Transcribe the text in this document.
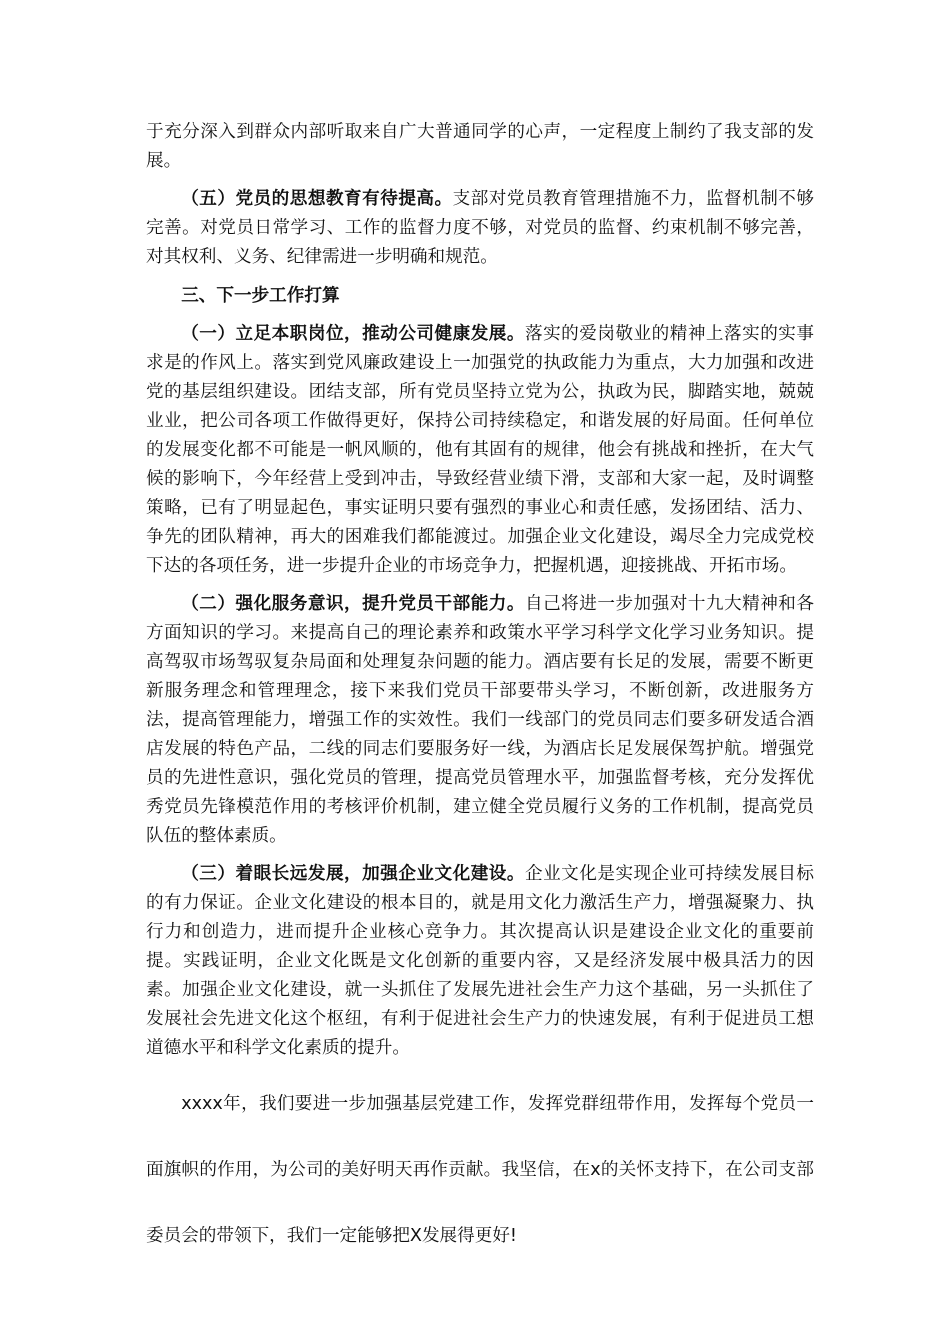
于充分深入到群众内部听取来自广大普通同学的心声，一定程度上制约了我支部的发展。

（五）党员的思想教育有待提高。支部对党员教育管理措施不力，监督机制不够完善。对党员日常学习、工作的监督力度不够，对党员的监督、约束机制不够完善，对其权利、义务、纪律需进一步明确和规范。

三、下一步工作打算

（一）立足本职岗位，推动公司健康发展。落实的爱岗敬业的精神上落实的实事求是的作风上。落实到党风廉政建设上一加强党的执政能力为重点，大力加强和改进党的基层组织建设。团结支部，所有党员坚持立党为公，执政为民，脚踏实地，兢兢业业，把公司各项工作做得更好，保持公司持续稳定，和谐发展的好局面。任何单位的发展变化都不可能是一帆风顺的，他有其固有的规律，他会有挑战和挫折，在大气候的影响下，今年经营上受到冲击，导致经营业绩下滑，支部和大家一起，及时调整策略，已有了明显起色，事实证明只要有强烈的事业心和责任感，发扬团结、活力、争先的团队精神，再大的困难我们都能渡过。加强企业文化建设，竭尽全力完成党校下达的各项任务，进一步提升企业的市场竞争力，把握机遇，迎接挑战、开拓市场。

（二）强化服务意识，提升党员干部能力。自己将进一步加强对十九大精神和各方面知识的学习。来提高自己的理论素养和政策水平学习科学文化学习业务知识。提高驾驭市场驾驭复杂局面和处理复杂问题的能力。酒店要有长足的发展，需要不断更新服务理念和管理理念，接下来我们党员干部要带头学习，不断创新，改进服务方法，提高管理能力，增强工作的实效性。我们一线部门的党员同志们要多研发适合酒店发展的特色产品，二线的同志们要服务好一线，为酒店长足发展保驾护航。增强党员的先进性意识，强化党员的管理，提高党员管理水平，加强监督考核，充分发挥优秀党员先锋模范作用的考核评价机制，建立健全党员履行义务的工作机制，提高党员队伍的整体素质。

（三）着眼长远发展，加强企业文化建设。企业文化是实现企业可持续发展目标的有力保证。企业文化建设的根本目的，就是用文化力激活生产力，增强凝聚力、执行力和创造力，进而提升企业核心竞争力。其次提高认识是建设企业文化的重要前提。实践证明，企业文化既是文化创新的重要内容，又是经济发展中极具活力的因素。加强企业文化建设，就一头抓住了发展先进社会生产力这个基础，另一头抓住了发展社会先进文化这个枢纽，有利于促进社会生产力的快速发展，有利于促进员工想道德水平和科学文化素质的提升。

xxxx年，我们要进一步加强基层党建工作，发挥党群纽带作用，发挥每个党员一面旗帜的作用，为公司的美好明天再作贡献。我坚信，在x的关怀支持下，在公司支部委员会的带领下，我们一定能够把X发展得更好!
